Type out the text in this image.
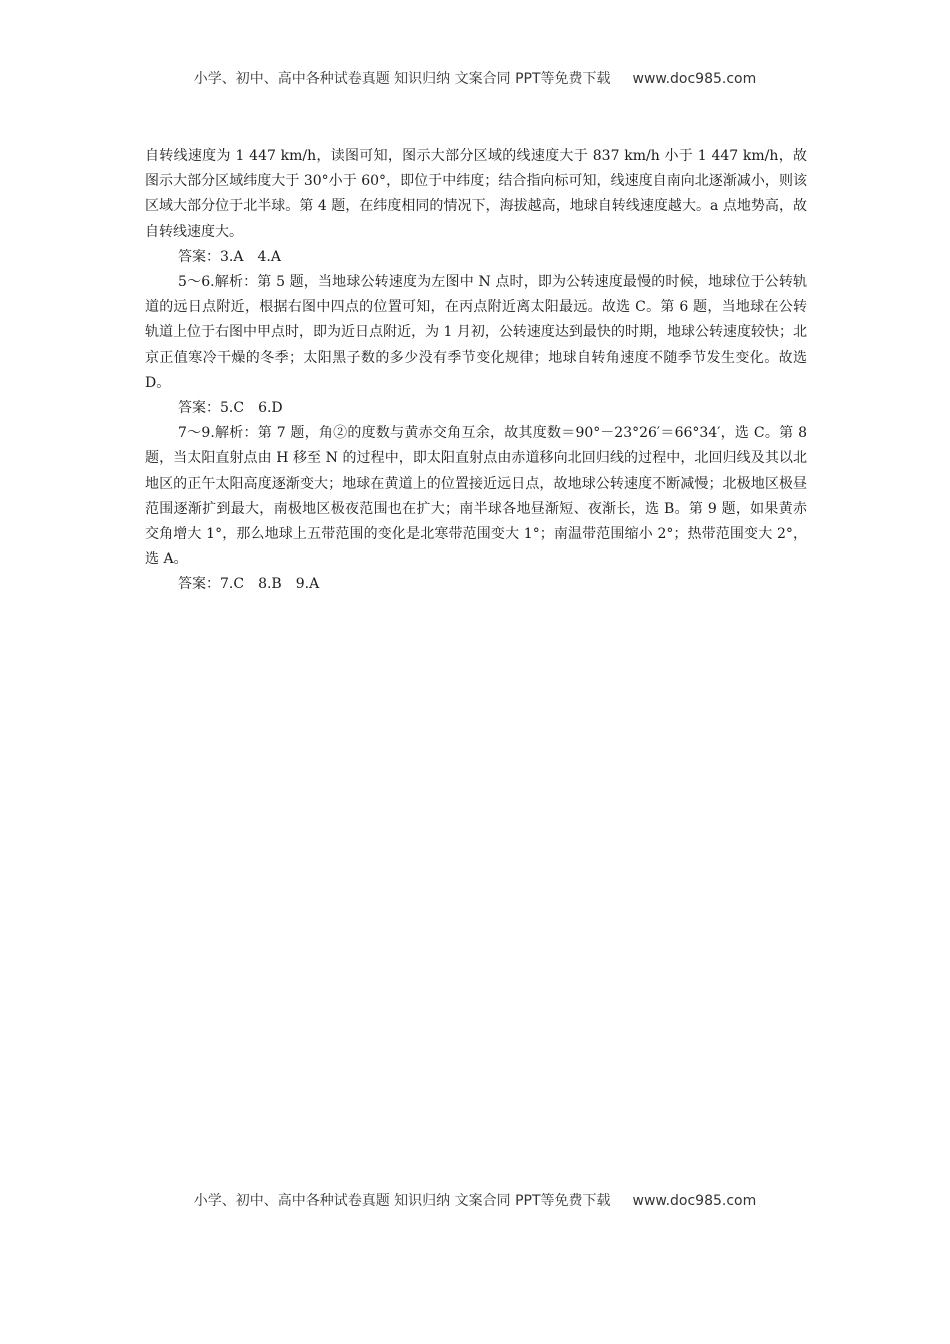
小学、初中、高中各种试卷真题 知识归纳 文案合同 PPT等免费下载 www.doc985.com

自转线速度为 1 447 km/h，读图可知，图示大部分区域的线速度大于 837 km/h 小于 1 447 km/h，故图示大部分区域纬度大于 30°小于 60°，即位于中纬度；结合指向标可知，线速度自南向北逐渐减小，则该区域大部分位于北半球。第 4 题，在纬度相同的情况下，海拔越高，地球自转线速度越大。a 点地势高，故自转线速度大。

答案：3.A 4.A

5～6.解析：第 5 题，当地球公转速度为左图中 N 点时，即为公转速度最慢的时候，地球位于公转轨道的远日点附近，根据右图中四点的位置可知，在丙点附近离太阳最远。故选 C。第 6 题，当地球在公转轨道上位于右图中甲点时，即为近日点附近，为 1 月初，公转速度达到最快的时期，地球公转速度较快；北京正值寒冷干燥的冬季；太阳黑子数的多少没有季节变化规律；地球自转角速度不随季节发生变化。故选 D。

答案：5.C 6.D

7～9.解析：第 7 题，角②的度数与黄赤交角互余，故其度数＝90°－23°26′＝66°34′，选 C。第 8 题，当太阳直射点由 H 移至 N 的过程中，即太阳直射点由赤道移向北回归线的过程中，北回归线及其以北地区的正午太阳高度逐渐变大；地球在黄道上的位置接近远日点，故地球公转速度不断减慢；北极地区极昼范围逐渐扩到最大，南极地区极夜范围也在扩大；南半球各地昼渐短、夜渐长，选 B。第 9 题，如果黄赤交角增大 1°，那么地球上五带范围的变化是北寒带范围变大 1°；南温带范围缩小 2°；热带范围变大 2°，选 A。

答案：7.C 8.B 9.A

小学、初中、高中各种试卷真题 知识归纳 文案合同 PPT等免费下载 www.doc985.com
